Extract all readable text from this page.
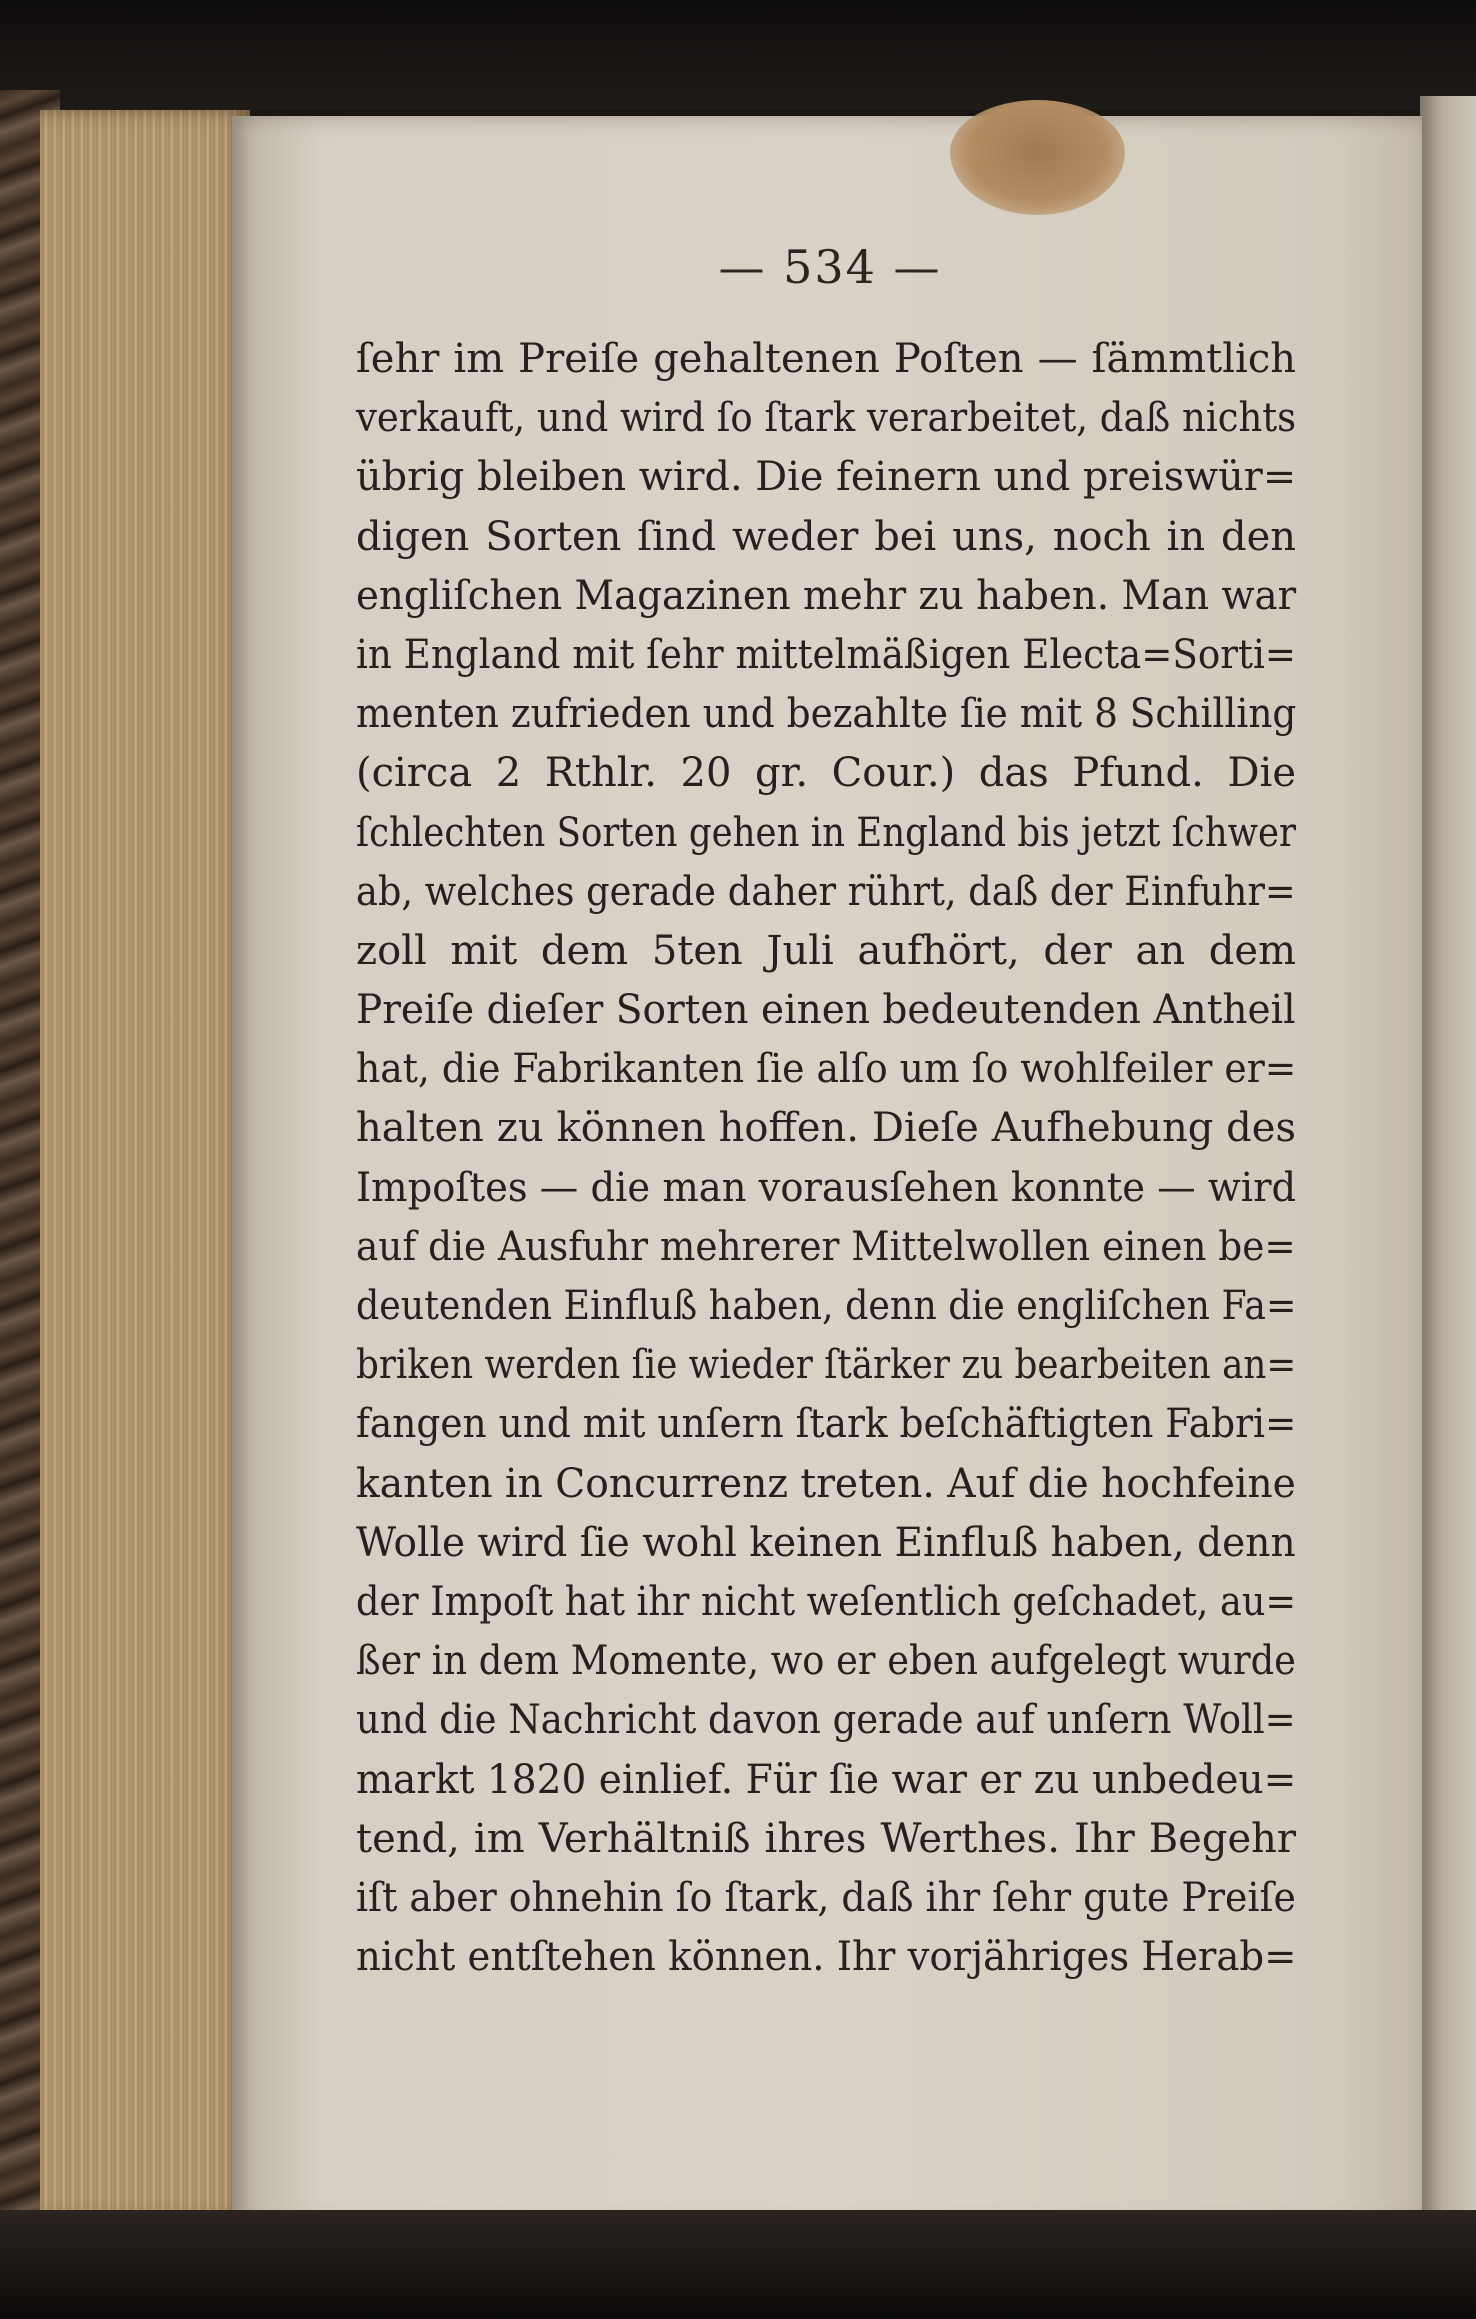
— 534 —
ſehr im Preiſe gehaltenen Poſten — ſämmtlich
verkauft, und wird ſo ſtark verarbeitet, daß nichts
übrig bleiben wird. Die feinern und preiswür=
digen Sorten ſind weder bei uns, noch in den
engliſchen Magazinen mehr zu haben. Man war
in England mit ſehr mittelmäßigen Electa=Sorti=
menten zufrieden und bezahlte ſie mit 8 Schilling
(circa 2 Rthlr. 20 gr. Cour.) das Pfund. Die
ſchlechten Sorten gehen in England bis jetzt ſchwer
ab, welches gerade daher rührt, daß der Einfuhr=
zoll mit dem 5ten Juli aufhört, der an dem
Preiſe dieſer Sorten einen bedeutenden Antheil
hat, die Fabrikanten ſie alſo um ſo wohlfeiler er=
halten zu können hoffen. Dieſe Aufhebung des
Impoſtes — die man vorausſehen konnte — wird
auf die Ausfuhr mehrerer Mittelwollen einen be=
deutenden Einfluß haben, denn die engliſchen Fa=
briken werden ſie wieder ſtärker zu bearbeiten an=
fangen und mit unſern ſtark beſchäftigten Fabri=
kanten in Concurrenz treten. Auf die hochfeine
Wolle wird ſie wohl keinen Einfluß haben, denn
der Impoſt hat ihr nicht weſentlich geſchadet, au=
ßer in dem Momente, wo er eben aufgelegt wurde
und die Nachricht davon gerade auf unſern Woll=
markt 1820 einlief. Für ſie war er zu unbedeu=
tend, im Verhältniß ihres Werthes. Ihr Begehr
iſt aber ohnehin ſo ſtark, daß ihr ſehr gute Preiſe
nicht entſtehen können. Ihr vorjähriges Herab=
